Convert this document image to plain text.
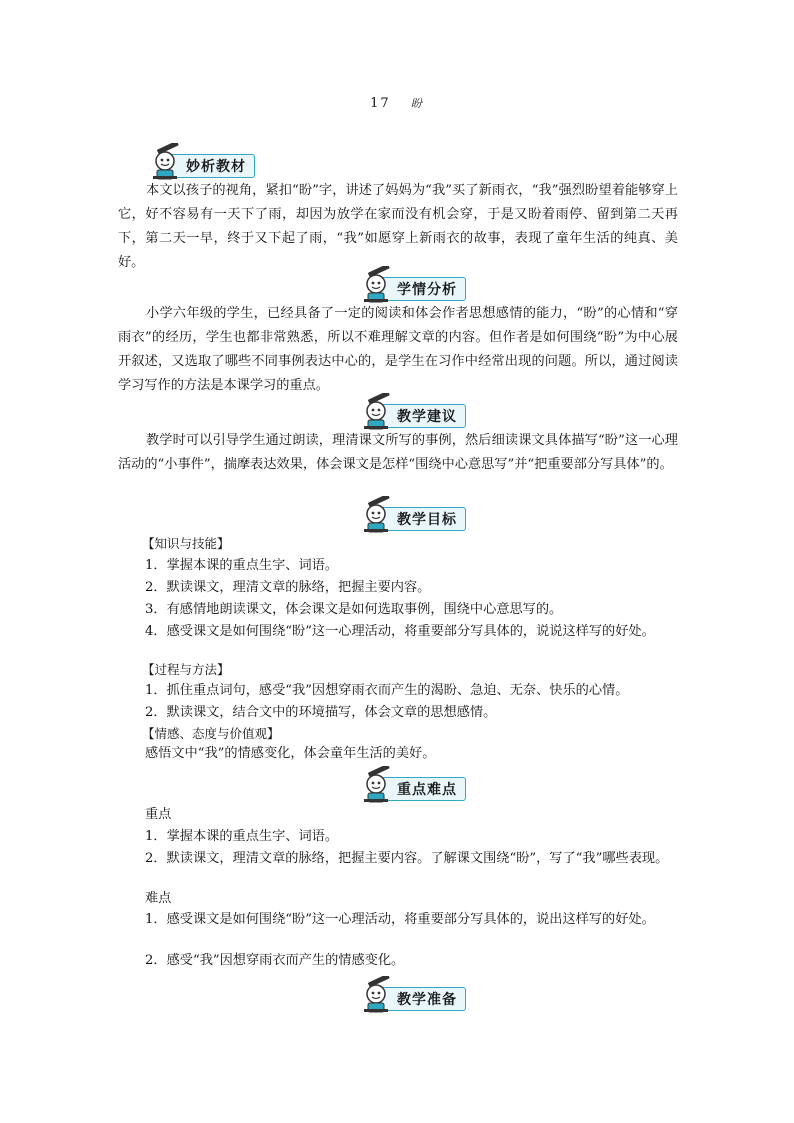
17 盼
妙析教材
本文以孩子的视角，紧扣“盼”字，讲述了妈妈为“我”买了新雨衣，“我”强烈盼望着能够穿上它，好不容易有一天下了雨，却因为放学在家而没有机会穿，于是又盼着雨停、留到第二天再下，第二天一早，终于又下起了雨，“我”如愿穿上新雨衣的故事，表现了童年生活的纯真、美好。
学情分析
小学六年级的学生，已经具备了一定的阅读和体会作者思想感情的能力，“盼”的心情和“穿雨衣”的经历，学生也都非常熟悉，所以不难理解文章的内容。但作者是如何围绕“盼”为中心展开叙述，又选取了哪些不同事例表达中心的，是学生在习作中经常出现的问题。所以，通过阅读学习写作的方法是本课学习的重点。
教学建议
教学时可以引导学生通过朗读，理清课文所写的事例，然后细读课文具体描写“盼”这一心理活动的“小事件”，揣摩表达效果，体会课文是怎样“围绕中心意思写”并“把重要部分写具体”的。
教学目标
【知识与技能】
1．掌握本课的重点生字、词语。
2．默读课文，理清文章的脉络，把握主要内容。
3．有感情地朗读课文，体会课文是如何选取事例，围绕中心意思写的。
4．感受课文是如何围绕“盼”这一心理活动，将重要部分写具体的，说说这样写的好处。
【过程与方法】
1．抓住重点词句，感受“我”因想穿雨衣而产生的渴盼、急迫、无奈、快乐的心情。
2．默读课文，结合文中的环境描写，体会文章的思想感情。
【情感、态度与价值观】
感悟文中“我”的情感变化，体会童年生活的美好。
重点难点
重点
1．掌握本课的重点生字、词语。
2．默读课文，理清文章的脉络，把握主要内容。了解课文围绕“盼”，写了“我”哪些表现。
难点
1．感受课文是如何围绕“盼”这一心理活动，将重要部分写具体的，说出这样写的好处。
2．感受“我”因想穿雨衣而产生的情感变化。
教学准备
